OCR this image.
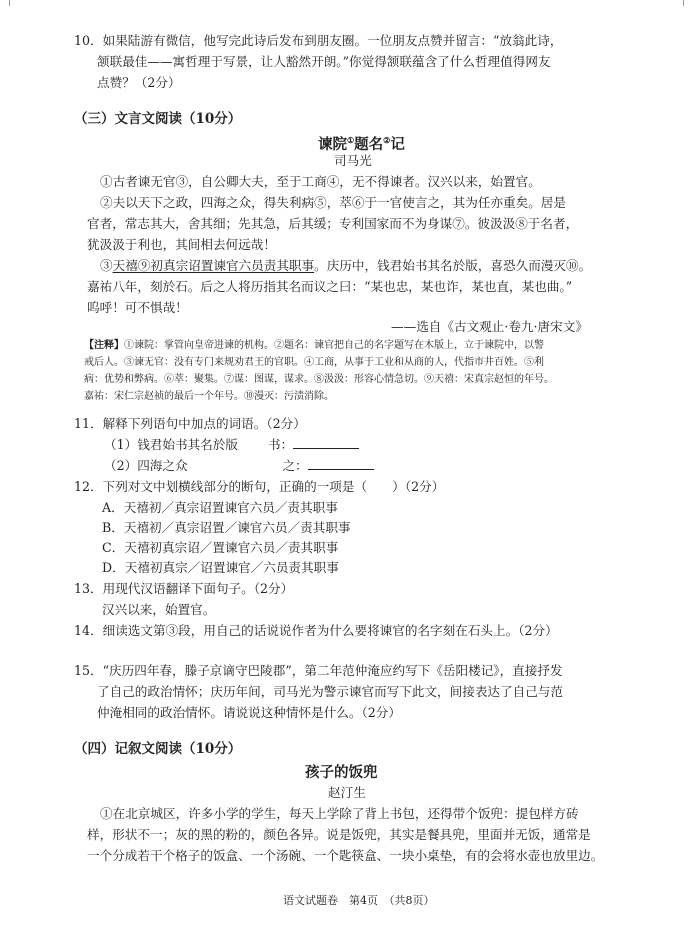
10．如果陆游有微信，他写完此诗后发布到朋友圈。一位朋友点赞并留言：“放翁此诗，
颔联最佳——寓哲理于写景，让人豁然开朗。”你觉得颔联蕴含了什么哲理值得网友
点赞？（2分）
（三）文言文阅读（10分）
谏院①题名②记
司马光
①古者谏无官③，自公卿大夫，至于工商④，无不得谏者。汉兴以来，始置官。
②夫以天下之政，四海之众，得失利病⑤，萃⑥于一官使言之，其为任亦重矣。居是
官者，常志其大，舍其细；先其急，后其缓；专利国家而不为身谋⑦。彼汲汲⑧于名者，
犹汲汲于利也，其间相去何远哉！
③天禧⑨初真宗诏置谏官六员责其职事。庆历中，钱君始书其名於版，喜恐久而漫灭⑩。
嘉祐八年，刻於石。后之人将历指其名而议之曰：“某也忠，某也诈，某也直，某也曲。”
呜呼！可不惧哉！
——选自《古文观止·卷九·唐宋文》
【注释】①谏院：掌管向皇帝进谏的机构。②题名：谏官把自己的名字题写在木版上，立于谏院中，以警
戒后人。③谏无官：没有专门来规劝君王的官职。④工商，从事于工业和从商的人，代指市井百姓。⑤利
病：优势和弊病。⑥萃：聚集。⑦谋：图谋，谋求。⑧汲汲：形容心情急切。⑨天禧：宋真宗赵恒的年号。
嘉祐：宋仁宗赵祯的最后一个年号。⑩漫灭：污渍消除。
11．解释下列语句中加点的词语。（2分）
（1）钱君始书其名於版 书：
（2）四海之众	之：
12．下列对文中划横线部分的断句，正确的一项是（　　）（2分）
A．天禧初／真宗诏置谏官六员／责其职事
B．天禧初／真宗诏置／谏官六员／责其职事
C．天禧初真宗诏／置谏官六员／责其职事
D．天禧初真宗／诏置谏官／六员责其职事
13．用现代汉语翻译下面句子。（2分）
汉兴以来，始置官。
14．细读选文第③段，用自己的话说说作者为什么要将谏官的名字刻在石头上。（2分）
15．“庆历四年春，滕子京谪守巴陵郡”，第二年范仲淹应约写下《岳阳楼记》，直接抒发
了自己的政治情怀；庆历年间，司马光为警示谏官而写下此文，间接表达了自己与范
仲淹相同的政治情怀。请说说这种情怀是什么。（2分）
（四）记叙文阅读（10分）
孩子的饭兜
赵汀生
①在北京城区，许多小学的学生，每天上学除了背上书包，还得带个饭兜：提包样方砖
样，形状不一；灰的黑的粉的，颜色各异。说是饭兜，其实是餐具兜，里面并无饭，通常是
一个分成若干个格子的饭盒、一个汤碗、一个匙筷盒、一块小桌垫，有的会将水壶也放里边。
语文试题卷　第4页　（共8页）
